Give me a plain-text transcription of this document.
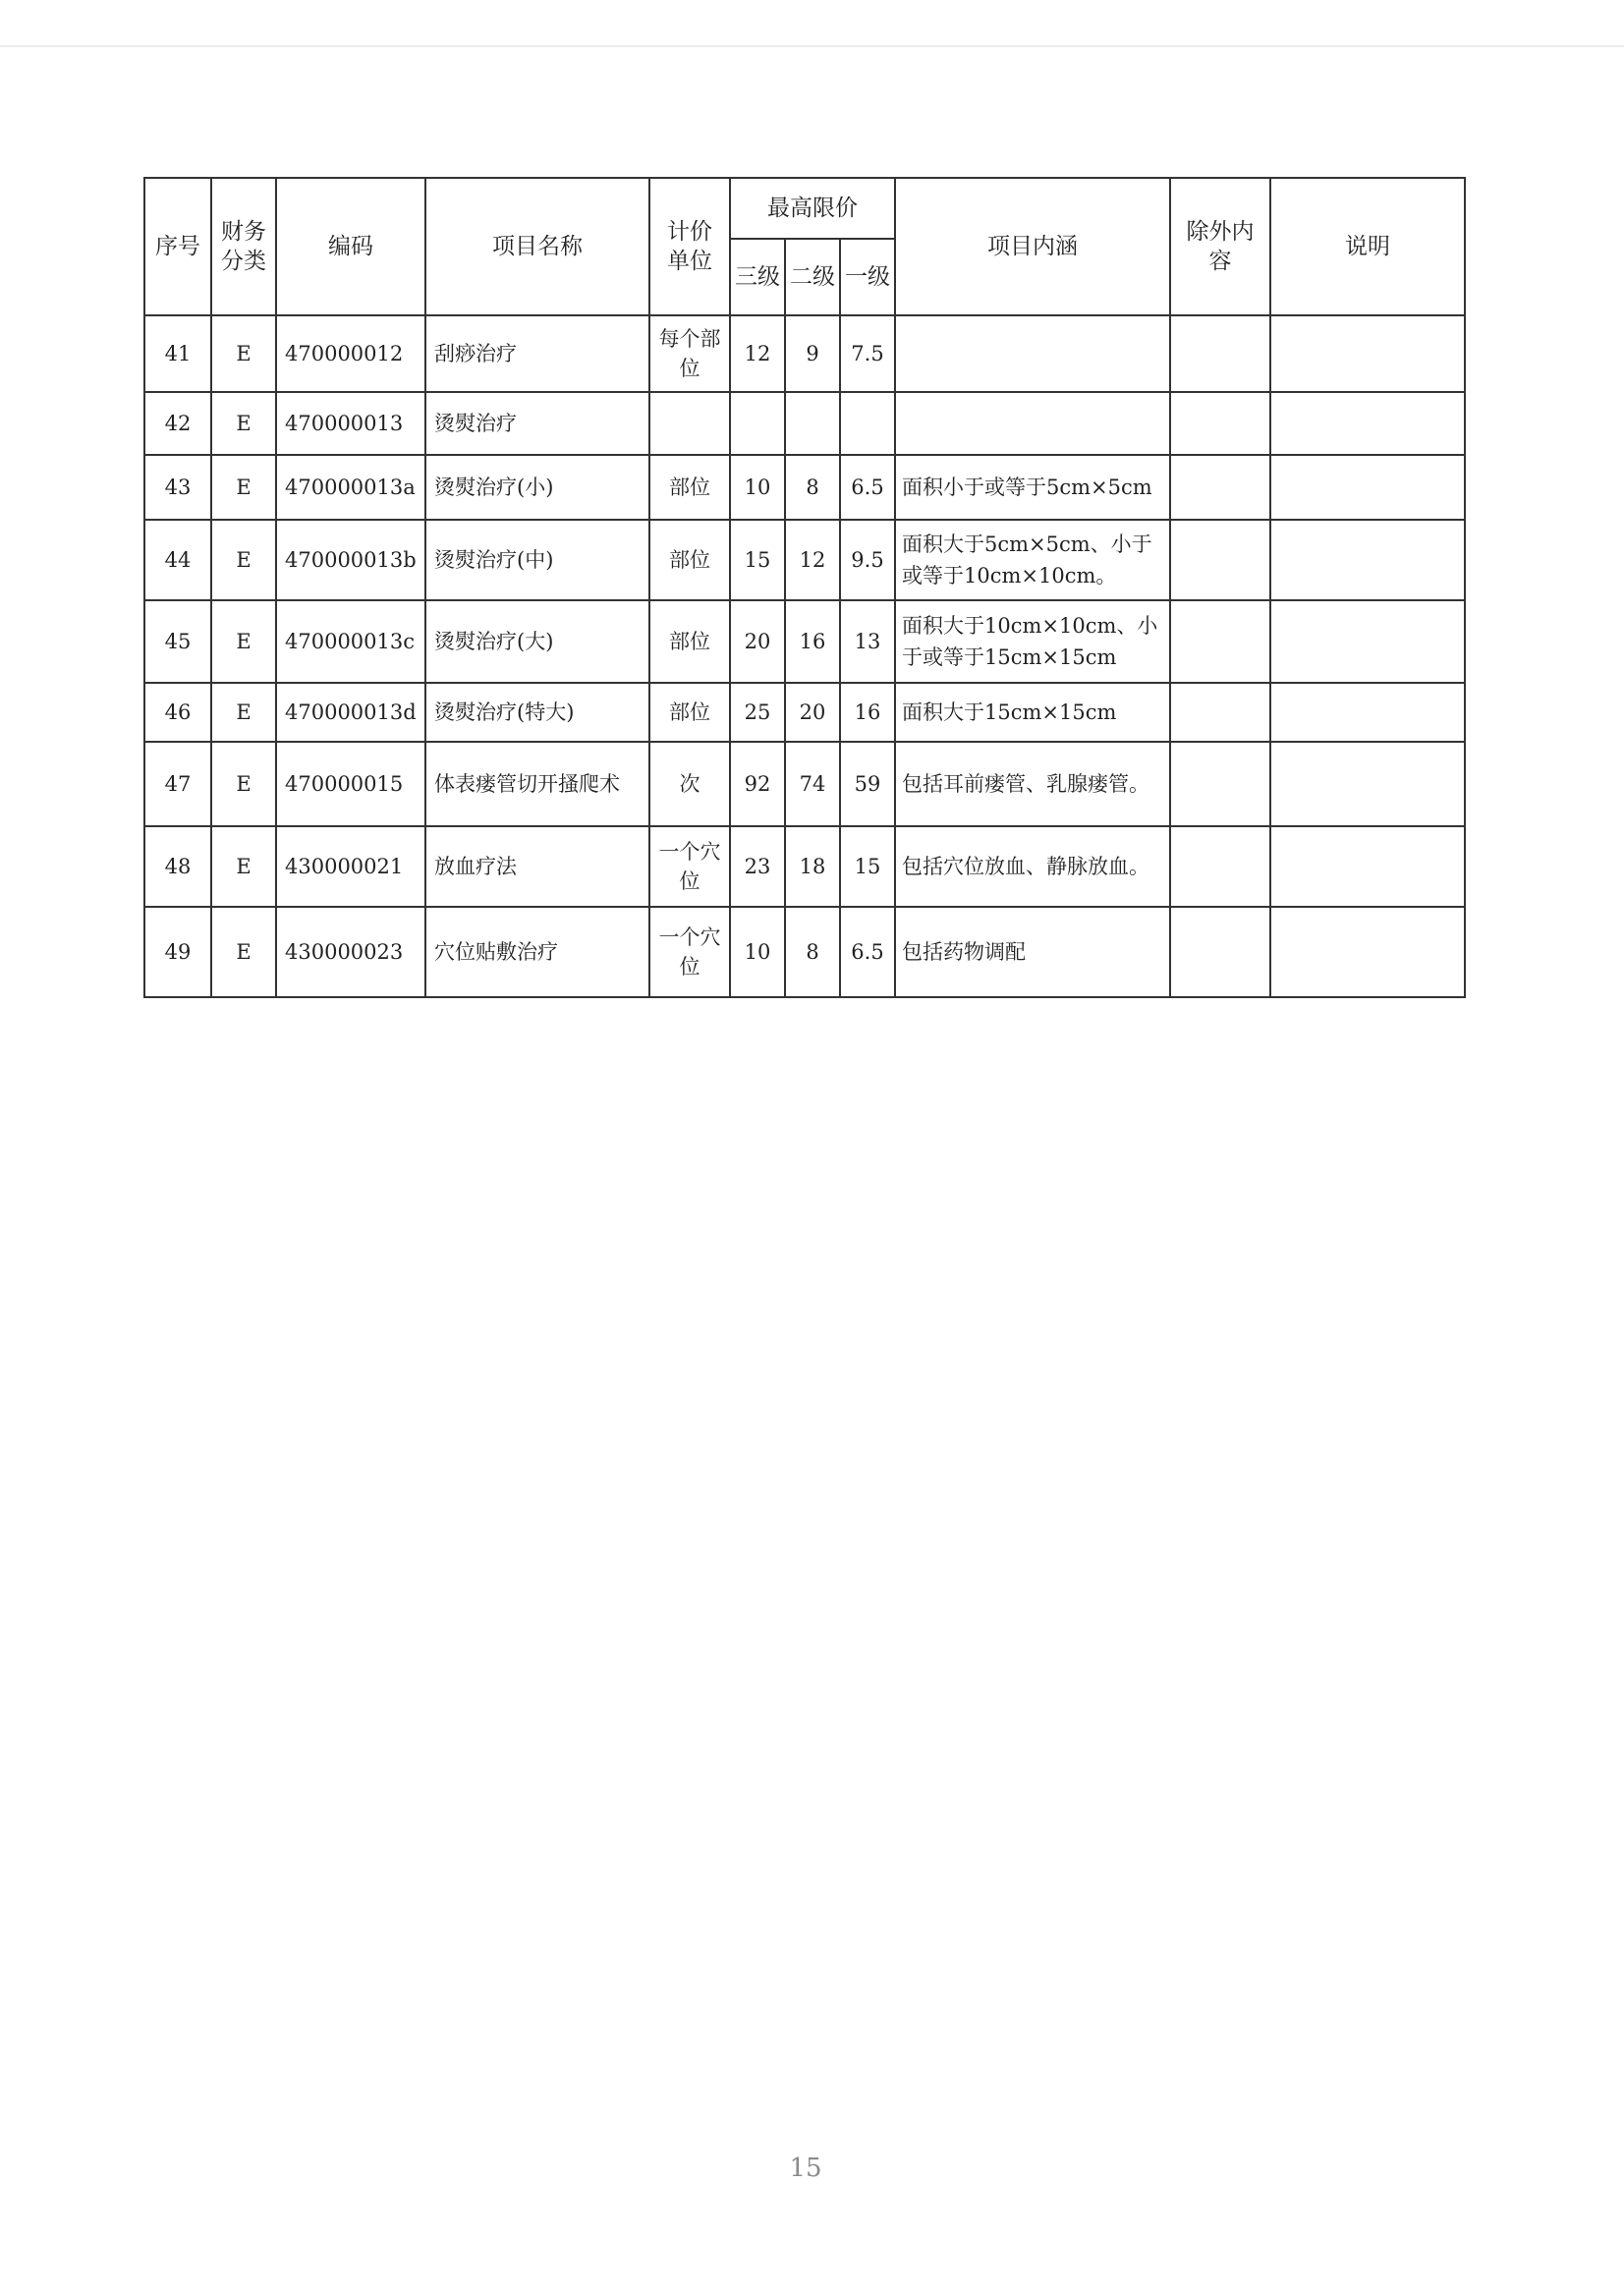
序号	财务分类	编码	项目名称	计价单位	最高限价			项目内涵	除外内容	说明
					三级	二级	一级			
41	E	470000012	刮痧治疗	每个部位	12	9	7.5			
42	E	470000013	烫熨治疗							
43	E	470000013a	烫熨治疗(小)	部位	10	8	6.5	面积小于或等于5cm×5cm		
44	E	470000013b	烫熨治疗(中)	部位	15	12	9.5	面积大于5cm×5cm、小于或等于10cm×10cm。		
45	E	470000013c	烫熨治疗(大)	部位	20	16	13	面积大于10cm×10cm、小于或等于15cm×15cm		
46	E	470000013d	烫熨治疗(特大)	部位	25	20	16	面积大于15cm×15cm		
47	E	470000015	体表瘘管切开搔爬术	次	92	74	59	包括耳前瘘管、乳腺瘘管。		
48	E	430000021	放血疗法	一个穴位	23	18	15	包括穴位放血、静脉放血。		
49	E	430000023	穴位贴敷治疗	一个穴位	10	8	6.5	包括药物调配		
15
